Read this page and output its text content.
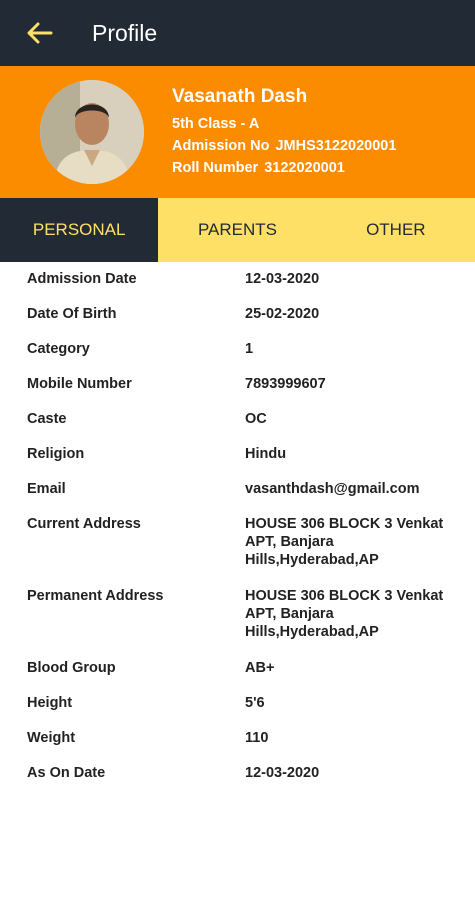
Profile
Vasanath Dash
5th Class - A
Admission No JMHS3122020001
Roll Number 3122020001
PERSONAL	PARENTS	OTHER
Admission Date	12-03-2020
Date Of Birth	25-02-2020
Category	1
Mobile Number	7893999607
Caste	OC
Religion	Hindu
Email	vasanthdash@gmail.com
Current Address	HOUSE 306 BLOCK 3 Venkat APT, Banjara Hills,Hyderabad,AP
Permanent Address	HOUSE 306 BLOCK 3 Venkat APT, Banjara Hills,Hyderabad,AP
Blood Group	AB+
Height	5'6
Weight	110
As On Date	12-03-2020
